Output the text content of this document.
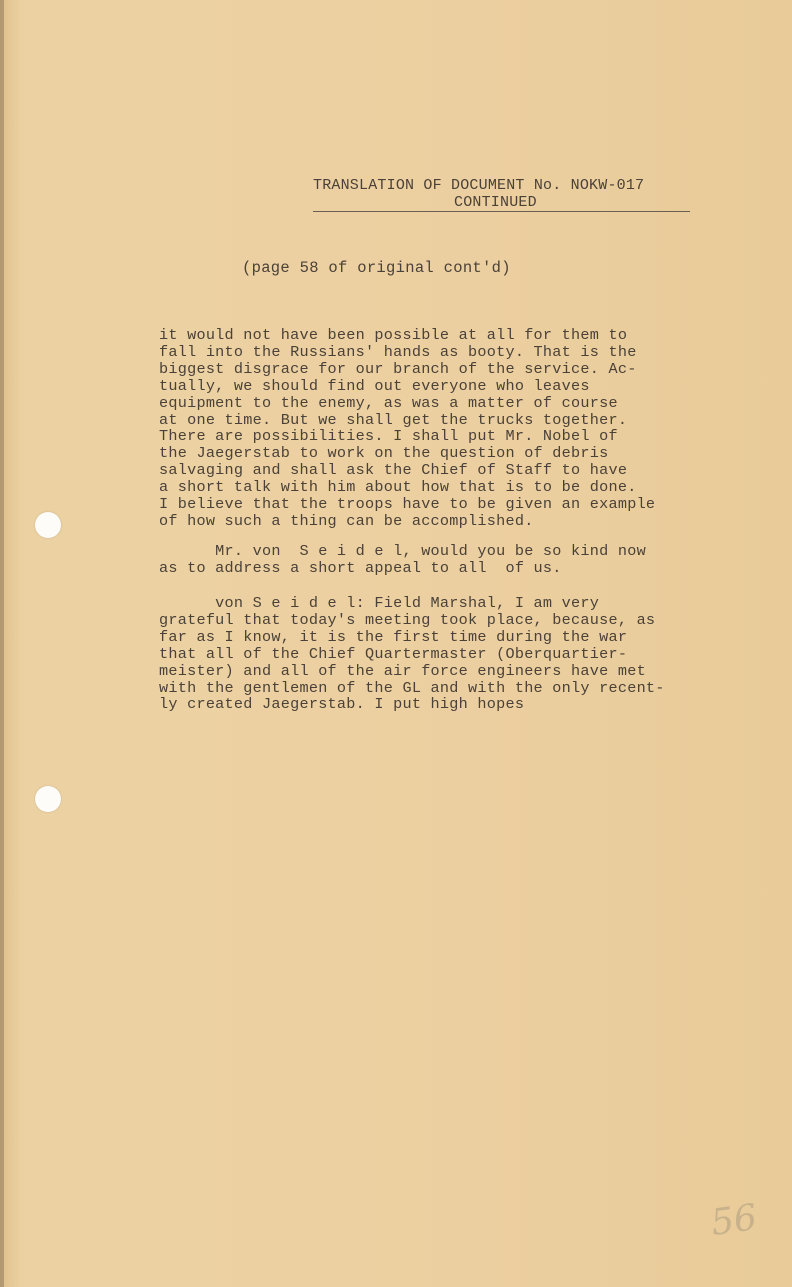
TRANSLATION OF DOCUMENT No. NOKW-017
CONTINUED
(page 58 of original cont'd)
it would not have been possible at all for them to
fall into the Russians' hands as booty. That is the
biggest disgrace for our branch of the service. Ac-
tually, we should find out everyone who leaves
equipment to the enemy, as was a matter of course
at one time. But we shall get the trucks together.
There are possibilities. I shall put Mr. Nobel of
the Jaegerstab to work on the question of debris
salvaging and shall ask the Chief of Staff to have
a short talk with him about how that is to be done.
I believe that the troops have to be given an example
of how such a thing can be accomplished.
Mr. von  S e i d e l, would you be so kind now
as to address a short appeal to all  of us.
von S e i d e l: Field Marshal, I am very
grateful that today's meeting took place, because, as
far as I know, it is the first time during the war
that all of the Chief Quartermaster (Oberquartier-
meister) and all of the air force engineers have met
with the gentlemen of the GL and with the only recent-
ly created Jaegerstab. I put high hopes
56
